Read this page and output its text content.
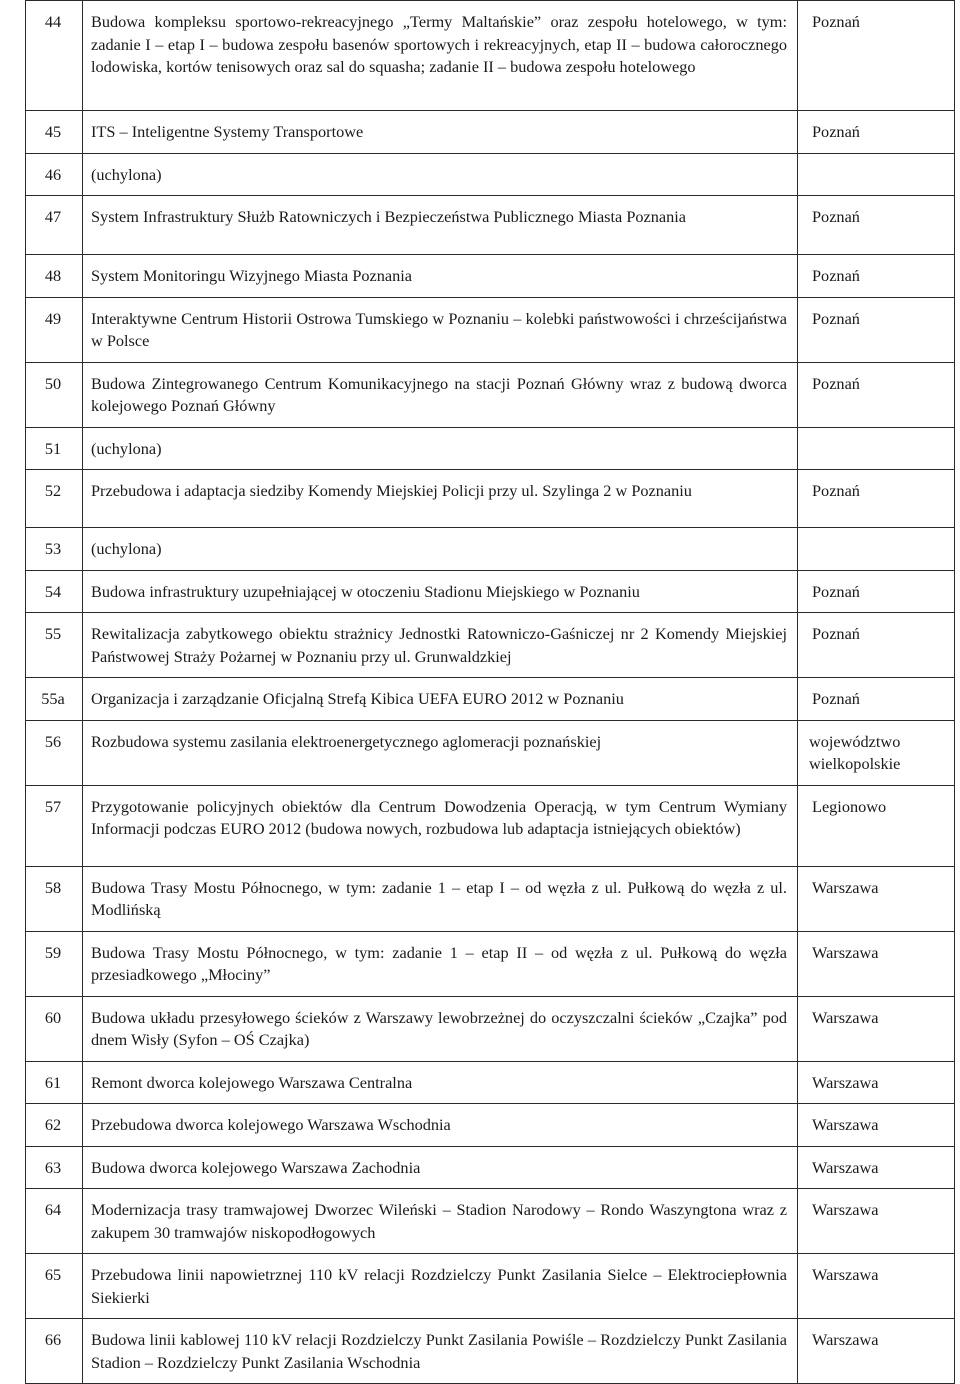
44	Budowa kompleksu sportowo-rekreacyjnego „Termy Maltańskie” oraz zespołu hotelowego, w tym: zadanie I – etap I – budowa zespołu basenów sportowych i rekreacyjnych, etap II – budowa całorocznego lodowiska, kortów tenisowych oraz sal do squasha; zadanie II – budowa zespołu hotelowego	Poznań
45	ITS – Inteligentne Systemy Transportowe	Poznań
46	(uchylona)	
47	System Infrastruktury Służb Ratowniczych i Bezpieczeństwa Publicznego Miasta Poznania	Poznań
48	System Monitoringu Wizyjnego Miasta Poznania	Poznań
49	Interaktywne Centrum Historii Ostrowa Tumskiego w Poznaniu – kolebki państwowości i chrześcijaństwa w Polsce	Poznań
50	Budowa Zintegrowanego Centrum Komunikacyjnego na stacji Poznań Główny wraz z budową dworca kolejowego Poznań Główny	Poznań
51	(uchylona)	
52	Przebudowa i adaptacja siedziby Komendy Miejskiej Policji przy ul. Szylinga 2 w Poznaniu	Poznań
53	(uchylona)	
54	Budowa infrastruktury uzupełniającej w otoczeniu Stadionu Miejskiego w Poznaniu	Poznań
55	Rewitalizacja zabytkowego obiektu strażnicy Jednostki Ratowniczo-Gaśniczej nr 2 Komendy Miejskiej Państwowej Straży Pożarnej w Poznaniu przy ul. Grunwaldzkiej	Poznań
55a	Organizacja i zarządzanie Oficjalną Strefą Kibica UEFA EURO 2012 w Poznaniu	Poznań
56	Rozbudowa systemu zasilania elektroenergetycznego aglomeracji poznańskiej	województwo wielkopolskie
57	Przygotowanie policyjnych obiektów dla Centrum Dowodzenia Operacją, w tym Centrum Wymiany Informacji podczas EURO 2012 (budowa nowych, rozbudowa lub adaptacja istniejących obiektów)	Legionowo
58	Budowa Trasy Mostu Północnego, w tym: zadanie 1 – etap I – od węzła z ul. Pułkową do węzła z ul. Modlińską	Warszawa
59	Budowa Trasy Mostu Północnego, w tym: zadanie 1 – etap II – od węzła z ul. Pułkową do węzła przesiadkowego „Młociny”	Warszawa
60	Budowa układu przesyłowego ścieków z Warszawy lewobrzeżnej do oczyszczalni ścieków „Czajka” pod dnem Wisły (Syfon – OŚ Czajka)	Warszawa
61	Remont dworca kolejowego Warszawa Centralna	Warszawa
62	Przebudowa dworca kolejowego Warszawa Wschodnia	Warszawa
63	Budowa dworca kolejowego Warszawa Zachodnia	Warszawa
64	Modernizacja trasy tramwajowej Dworzec Wileński – Stadion Narodowy – Rondo Waszyngtona wraz z zakupem 30 tramwajów niskopodłogowych	Warszawa
65	Przebudowa linii napowietrznej 110 kV relacji Rozdzielczy Punkt Zasilania Sielce – Elektrociepłownia Siekierki	Warszawa
66	Budowa linii kablowej 110 kV relacji Rozdzielczy Punkt Zasilania Powiśle – Rozdzielczy Punkt Zasilania Stadion – Rozdzielczy Punkt Zasilania Wschodnia	Warszawa
